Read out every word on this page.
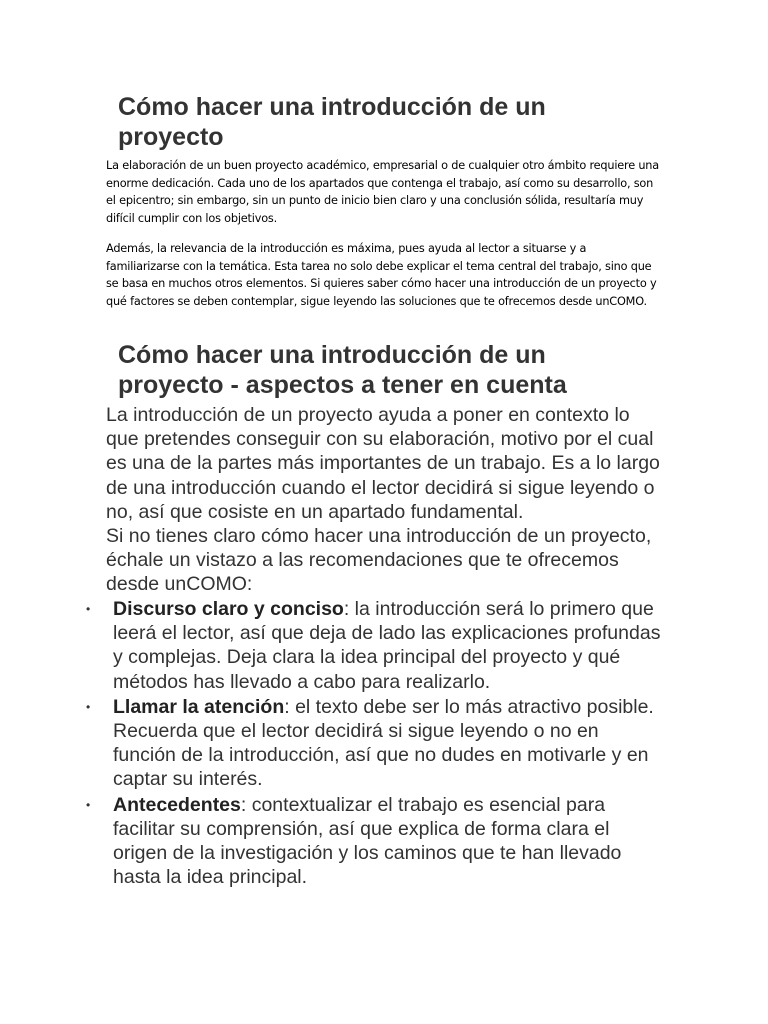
Cómo hacer una introducción de un proyecto

La elaboración de un buen proyecto académico, empresarial o de cualquier otro ámbito requiere una enorme dedicación. Cada uno de los apartados que contenga el trabajo, así como su desarrollo, son el epicentro; sin embargo, sin un punto de inicio bien claro y una conclusión sólida, resultaría muy difícil cumplir con los objetivos.

Además, la relevancia de la introducción es máxima, pues ayuda al lector a situarse y a familiarizarse con la temática. Esta tarea no solo debe explicar el tema central del trabajo, sino que se basa en muchos otros elementos. Si quieres saber cómo hacer una introducción de un proyecto y qué factores se deben contemplar, sigue leyendo las soluciones que te ofrecemos desde unCOMO.

Cómo hacer una introducción de un proyecto - aspectos a tener en cuenta

La introducción de un proyecto ayuda a poner en contexto lo que pretendes conseguir con su elaboración, motivo por el cual es una de la partes más importantes de un trabajo. Es a lo largo de una introducción cuando el lector decidirá si sigue leyendo o no, así que cosiste en un apartado fundamental.

Si no tienes claro cómo hacer una introducción de un proyecto, échale un vistazo a las recomendaciones que te ofrecemos desde unCOMO:

• Discurso claro y conciso: la introducción será lo primero que leerá el lector, así que deja de lado las explicaciones profundas y complejas. Deja clara la idea principal del proyecto y qué métodos has llevado a cabo para realizarlo.
• Llamar la atención: el texto debe ser lo más atractivo posible. Recuerda que el lector decidirá si sigue leyendo o no en función de la introducción, así que no dudes en motivarle y en captar su interés.
• Antecedentes: contextualizar el trabajo es esencial para facilitar su comprensión, así que explica de forma clara el origen de la investigación y los caminos que te han llevado hasta la idea principal.
